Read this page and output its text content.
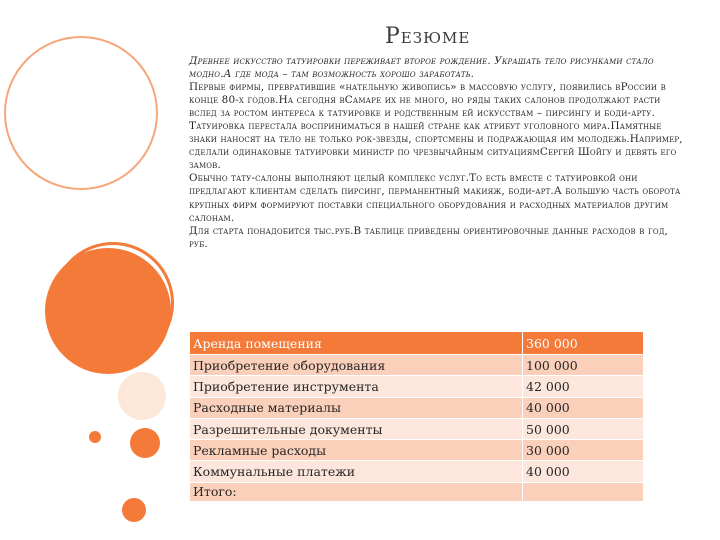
Резюме

Древнее искусство татуировки переживает второе рождение. Украшать тело рисунками стало модно.А где мода – там возможность хорошо заработать.

Первые фирмы, превратившие «нательную живопись» в массовую услугу, появились вРоссии в конце 80-х годов.На сегодня вСамаре их не много, но ряды таких салонов продолжают расти вслед за ростом интереса к татуировке и родственным ей искусствам – пирсингу и боди-арту.

Татуировка перестала восприниматься в нашей стране как атрибут уголовного мира.Памятные знаки наносят на тело не только рок-звезды, спортсмены и подражающая им молодежь.Например, сделали одинаковые татуировки министр по чрезвычайным ситуациямСергей Шойгу и девять его замов.

Обычно тату-салоны выполняют целый комплекс услуг.То есть вместе с татуировкой они предлагают клиентам сделать пирсинг, перманентный макияж, боди-арт.А большую часть оборота крупных фирм формируют поставки специального оборудования и расходных материалов другим салонам.

Для старта понадобится тыс.руб.В таблице приведены ориентировочные данные расходов в год, руб.

Аренда помещения	360 000
Приобретение оборудования	100 000
Приобретение инструмента	42 000
Расходные материалы	40 000
Разрешительные документы	50 000
Рекламные расходы	30 000
Коммунальные платежи	40 000
Итого:	
